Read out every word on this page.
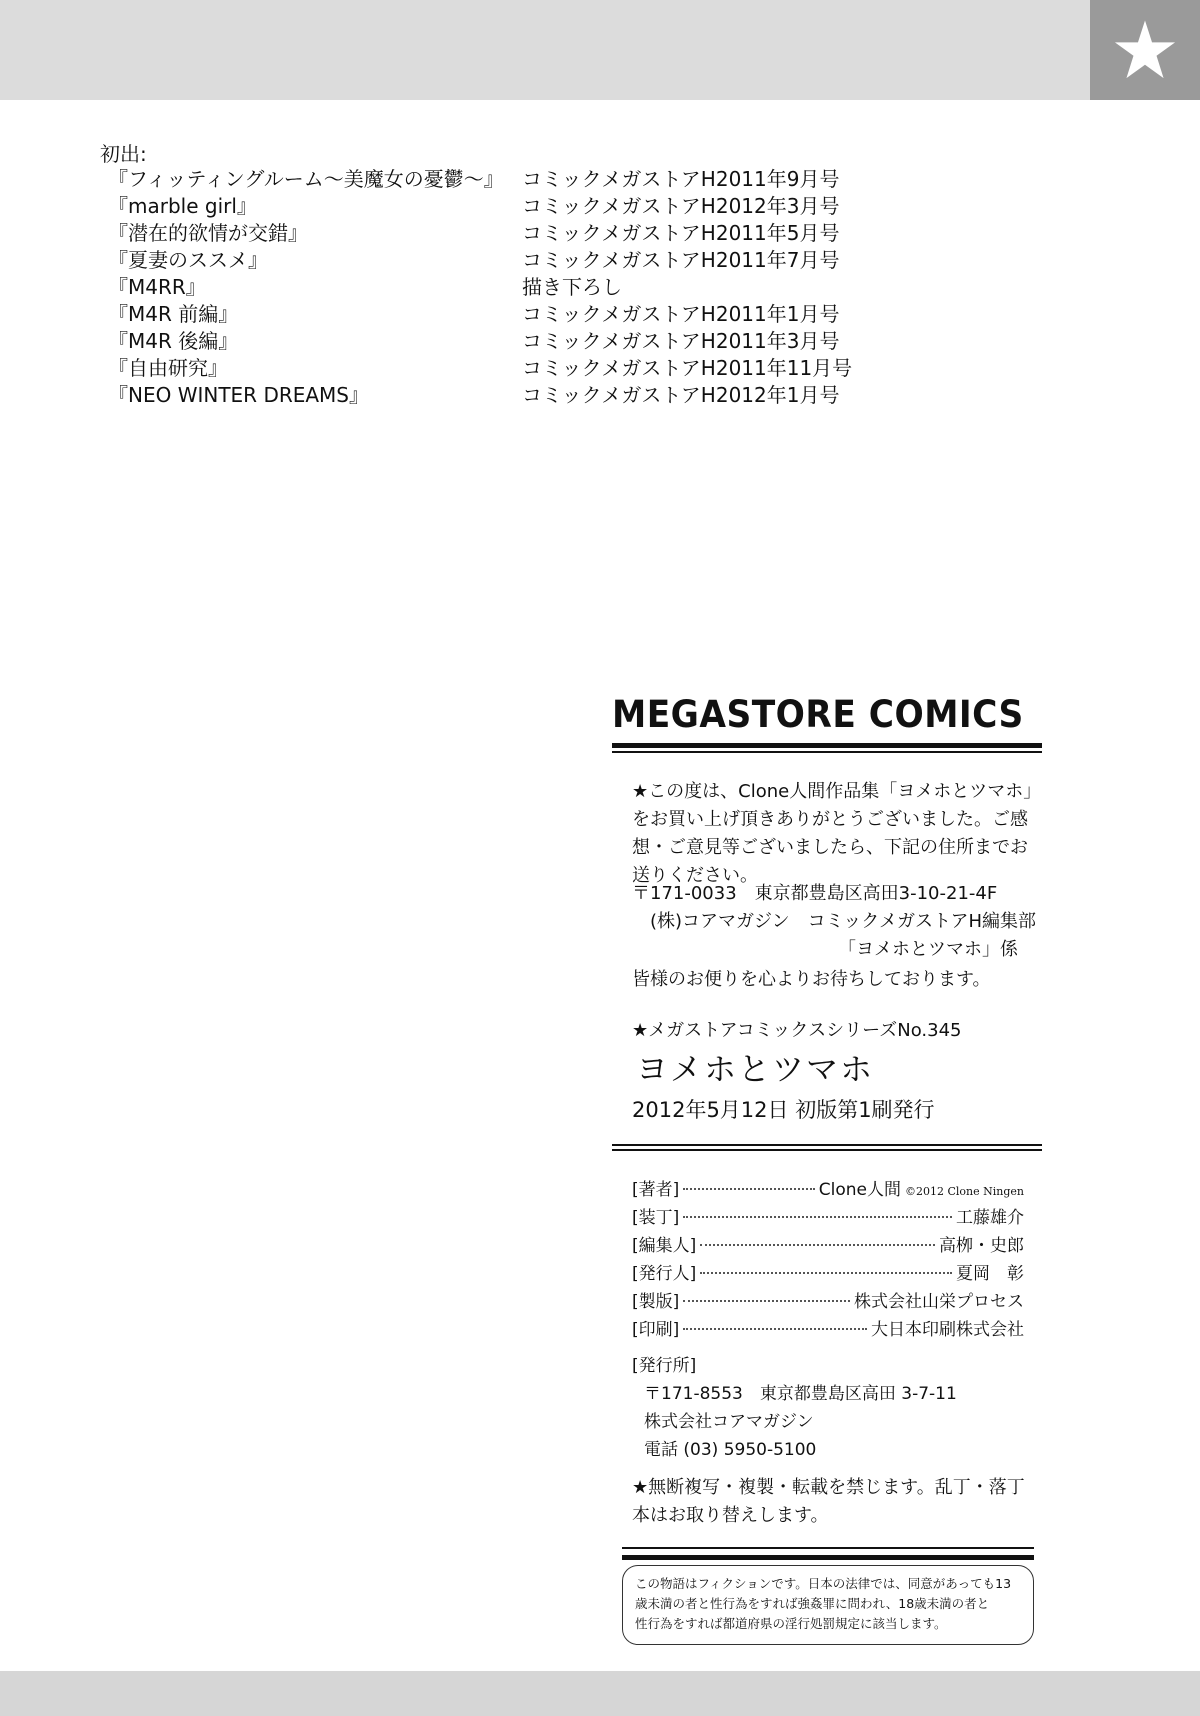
初出:
『フィッティングルーム～美魔女の憂鬱～』 コミックメガストアH2011年9月号
『marble girl』	コミックメガストアH2012年3月号
『潜在的欲情が交錯』	コミックメガストアH2011年5月号
『夏妻のススメ』	コミックメガストアH2011年7月号
『M4RR』	描き下ろし
『M4R 前編』	コミックメガストアH2011年1月号
『M4R 後編』	コミックメガストアH2011年3月号
『自由研究』	コミックメガストアH2011年11月号
『NEO WINTER DREAMS』	コミックメガストアH2012年1月号
MEGASTORE COMICS
★この度は、Clone人間作品集「ヨメホとツマホ」
をお買い上げ頂きありがとうございました。ご感
想・ご意見等ございましたら、下記の住所までお
送りください。
〒171-0033　東京都豊島区高田3-10-21-4F
(株)コアマガジン　コミックメガストアH編集部
「ヨメホとツマホ」係
皆様のお便りを心よりお待ちしております。
★メガストアコミックスシリーズNo.345
ヨメホとツマホ
2012年5月12日 初版第1刷発行
[著者]	Clone人間 ©2012 Clone Ningen
[装丁]	工藤雄介
[編集人]	高栁・史郎
[発行人]	夏岡　彰
[製版]	株式会社山栄プロセス
[印刷]	大日本印刷株式会社
[発行所]
〒171-8553　東京都豊島区高田 3-7-11
株式会社コアマガジン
電話 (03) 5950-5100
★無断複写・複製・転載を禁じます。乱丁・落丁
本はお取り替えします。
この物語はフィクションです。日本の法律では、同意があっても13
歳未満の者と性行為をすれば強姦罪に問われ、18歳未満の者と
性行為をすれば都道府県の淫行処罰規定に該当します。
